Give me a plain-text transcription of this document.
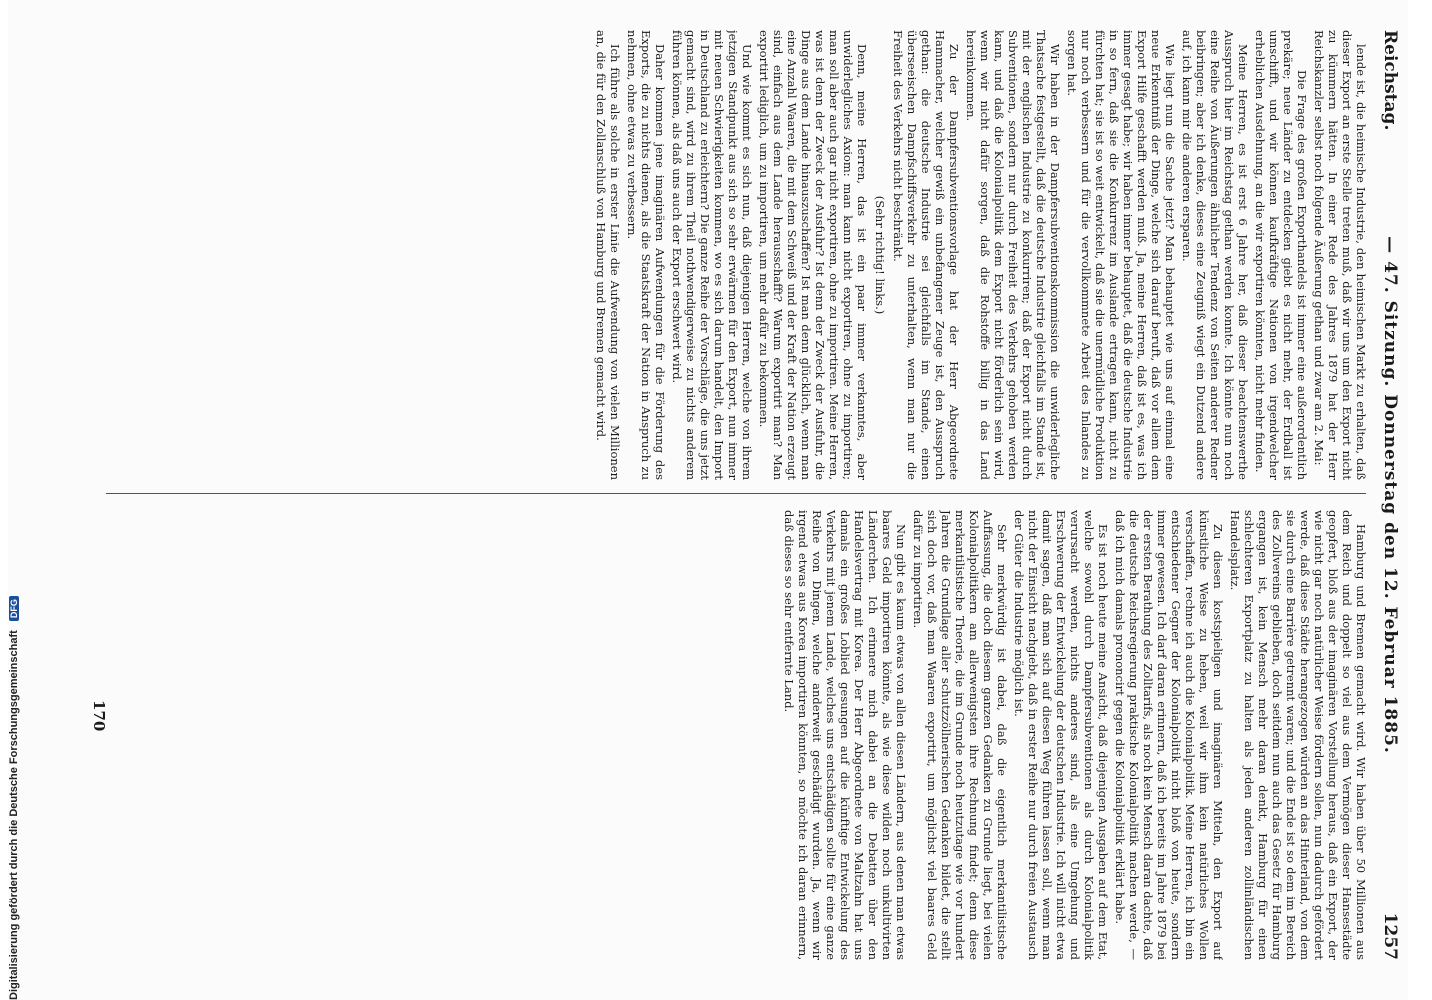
Reichstag.
— 47. Sitzung. Donnerstag den 12. Februar 1885.
1257

lende ist, die heimische Industrie, den heimischen Markt zu erhalten, daß dieser Export an erste Stelle treten muß, daß wir uns um den Export nicht zu kümmern hätten. In einer Rede des Jahres 1879 hat der Herr Reichskanzler selbst noch folgende Äußerung gethan und zwar am 2. Mai:

Die Frage des großen Exporthandels ist immer eine außerordentlich prekäre; neue Länder zu entdecken giebt es nicht mehr, der Erdball ist umschifft, und wir können kaufkräftige Nationen von irgendwelcher erheblichen Ausdehnung, an die wir exportiren könnten, nicht mehr finden.

Meine Herren, es ist erst 6 Jahre her, daß dieser beachtenswerthe Ausspruch hier im Reichstag gethan werden konnte. Ich könnte nun noch eine Reihe von Äußerungen ähnlicher Tendenz von Seiten anderer Redner beibringen; aber ich denke, dieses eine Zeugniß wiegt ein Dutzend andere auf, ich kann mir die anderen ersparen.

Wie liegt nun die Sache jetzt? Man behauptet wie uns auf einmal eine neue Erkenntniß der Dinge, welche sich darauf beruft, daß vor allem dem Export Hilfe geschafft werden muß. Ja, meine Herren, daß ist es, was ich immer gesagt habe; wir haben immer behauptet, daß die deutsche Industrie in so fern, daß sie die Konkurrenz im Auslande ertragen kann, nicht zu fürchten hat; sie ist so weit entwickelt, daß sie die unermüdliche Produktion nur noch verbessern und für die vervollkommnete Arbeit des Inlandes zu sorgen hat.

Wir haben in der Dampfersubventionskommission die unwiderlegliche Thatsache festgestellt, daß die deutsche Industrie gleichfalls im Stande ist, mit der englischen Industrie zu konkurriren; daß der Export nicht durch Subventionen, sondern nur durch Freiheit des Verkehrs gehoben werden kann, und daß die Kolonialpolitik dem Export nicht förderlich sein wird, wenn wir nicht dafür sorgen, daß die Rohstoffe billig in das Land hereinkommen.

Zu der Dampfersubventionsvorlage hat der Herr Abgeordnete Hammacher, welcher gewiß ein unbefangener Zeuge ist, den Ausspruch gethan: die deutsche Industrie sei gleichfalls im Stande, einen überseeischen Dampfschiffsverkehr zu unterhalten, wenn man nur die Freiheit des Verkehrs nicht beschränkt.

(Sehr richtig! links.)

Denn, meine Herren, das ist ein paar immer verkanntes, aber unwiderlegliches Axiom: man kann nicht exportiren, ohne zu importiren; man soll aber auch gar nicht exportiren, ohne zu importiren. Meine Herren, was ist denn der Zweck der Ausfuhr? Ist denn der Zweck der Ausfuhr, die Dinge aus dem Lande hinauszuschaffen? Ist man denn glücklich, wenn man eine Anzahl Waaren, die mit dem Schweiß und der Kraft der Nation erzeugt sind, einfach aus dem Lande herausschafft? Warum exportirt man? Man exportirt lediglich, um zu importiren, um mehr dafür zu bekommen.

Und wie kommt es sich nun, daß diejenigen Herren, welche von ihrem jetzigen Standpunkt aus sich so sehr erwärmen für den Export, nun immer mit neuen Schwierigkeiten kommen, wo es sich darum handelt, den Import in Deutschland zu erleichtern? Die ganze Reihe der Vorschläge, die uns jetzt gemacht sind, wird zu ihrem Theil nothwendigerweise zu nichts anderem führen können, als daß uns auch der Export erschwert wird.

Daher kommen jene imaginären Aufwendungen für die Förderung des Exports, die zu nichts dienen, als die Staatskraft der Nation in Anspruch zu nehmen, ohne etwas zu verbessern.

Ich führe als solche in erster Linie die Aufwendung von vielen Millionen an, die für den Zollanschluß von Hamburg und Bremen gemacht wird.

Hamburg und Bremen gemacht wird. Wir haben über 50 Millionen aus dem Reich und doppelt so viel aus dem Vermögen dieser Hansestädte geopfert, bloß aus der imaginären Vorstellung heraus, daß ein Export, der wie nicht gar noch natürlicher Weise fördern sollen, nun dadurch gefördert werde, daß diese Städte herangezogen würden an das Hinterland, von dem sie durch eine Barrière getrennt waren; und die Ende ist so dem im Bereich des Zollvereins geblieben, doch seitdem nun auch das Gesetz für Hamburg ergangen ist, kein Mensch mehr daran denkt, Hamburg für einen schlechteren Exportplatz zu halten als jeden anderen zollinländischen Handelsplatz.

Zu diesen kostspieligen und imaginären Mitteln, den Export auf künstliche Weise zu heben, weil wir ihm kein natürliches Wollen verschaffen, rechne ich auch die Kolonialpolitik. Meine Herren, ich bin ein entschiedener Gegner der Kolonialpolitik nicht bloß von heute, sondern immer gewesen. Ich darf daran erinnern, daß ich bereits im Jahre 1879 bei der ersten Berathung des Zolltarifs, als noch kein Mensch daran dachte, daß die deutsche Reichsregierung praktische Kolonialpolitik machen werde, — daß ich mich damals prononcirt gegen die Kolonialpolitik erklärt habe.

Es ist noch heute meine Ansicht, daß diejenigen Ausgaben auf dem Etat, welche sowohl durch Dampfersubventionen als durch Kolonialpolitik verursacht werden, nichts anderes sind, als eine Umgehung und Erschwerung der Entwickelung der deutschen Industrie. Ich will nicht etwa damit sagen, daß man sich auf diesen Weg führen lassen soll, wenn man nicht der Einsicht nachgiebt, daß in erster Reihe nur durch freien Austausch der Güter die Industrie möglich ist.

Sehr merkwürdig ist dabei, daß die eigentlich merkantilistische Auffassung, die doch diesem ganzen Gedanken zu Grunde liegt, bei vielen Kolonialpolitikern am allerwenigsten ihre Rechnung findet; denn diese merkantilistische Theorie, die im Grunde noch heutzutage wie vor hundert Jahren die Grundlage aller schutzzöllnerischen Gedanken bildet, die stellt sich doch vor, daß man Waaren exportirt, um möglichst viel baares Geld dafür zu importiren.

Nun gibt es kaum etwas von allen diesen Ländern, aus denen man etwas baares Geld importiren könnte, als wie diese wilden noch unkultivirten Länderchen. Ich erinnere mich dabei an die Debatten über den Handelsvertrag mit Korea. Der Herr Abgeordnete von Maltzahn hat uns damals ein großes Loblied gesungen auf die künftige Entwickelung des Verkehrs mit jenem Lande, welches uns entschädigen sollte für eine ganze Reihe von Dingen, welche anderweit geschädigt wurden. Ja, wenn wir irgend etwas aus Korea importiren könnten, so möchte ich daran erinnern, daß dieses so sehr entfernte Land.

170
Digitalisierung gefördert durch die Deutsche Forschungsgemeinschaft DFG
